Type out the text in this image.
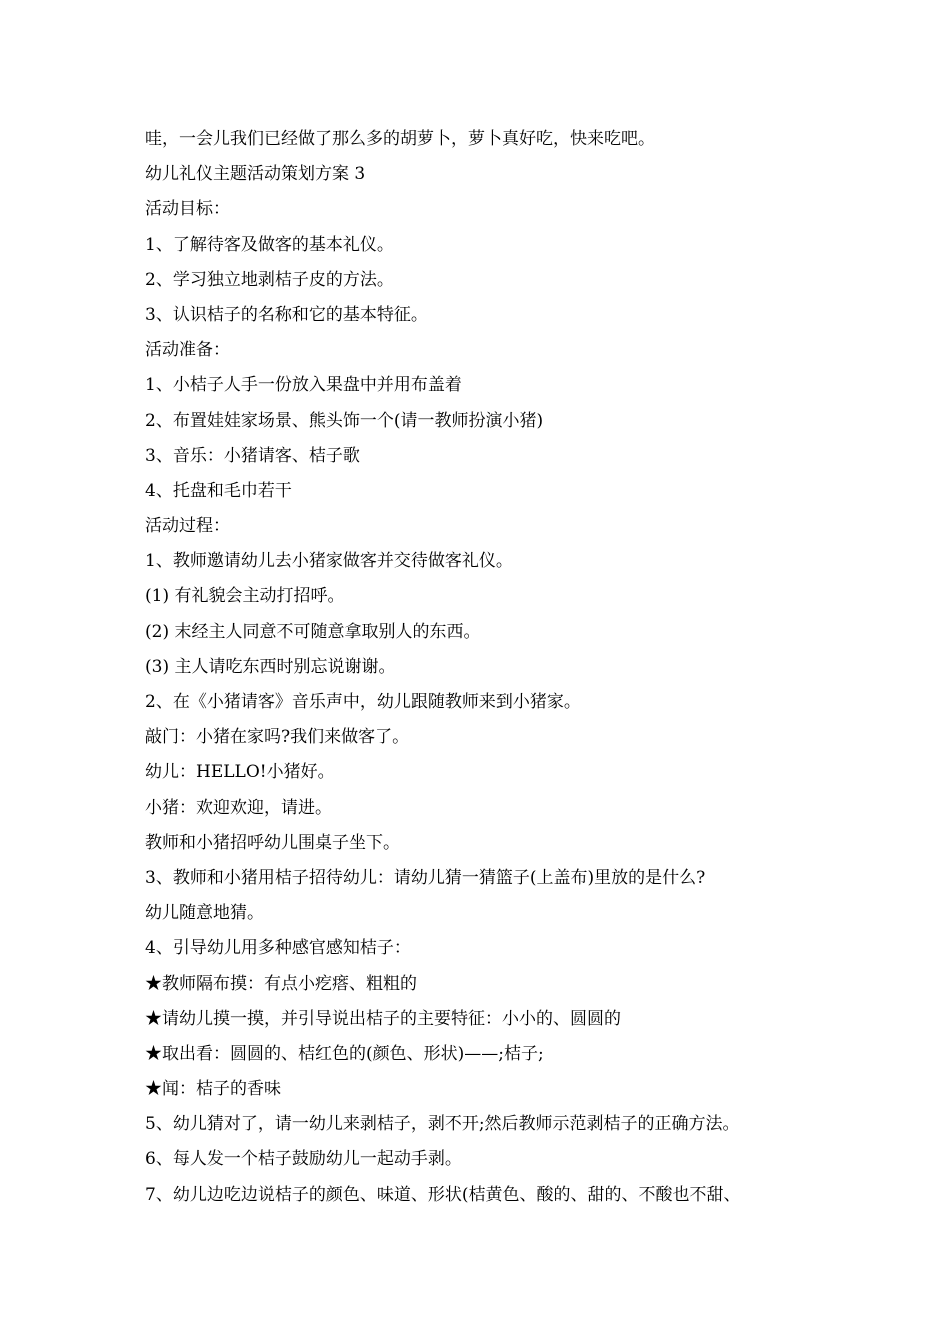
哇，一会儿我们已经做了那么多的胡萝卜，萝卜真好吃，快来吃吧。
幼儿礼仪主题活动策划方案 3
活动目标：
1、了解待客及做客的基本礼仪。
2、学习独立地剥桔子皮的方法。
3、认识桔子的名称和它的基本特征。
活动准备：
1、小桔子人手一份放入果盘中并用布盖着
2、布置娃娃家场景、熊头饰一个(请一教师扮演小猪)
3、音乐：小猪请客、桔子歌
4、托盘和毛巾若干
活动过程：
1、教师邀请幼儿去小猪家做客并交待做客礼仪。
(1) 有礼貌会主动打招呼。
(2) 末经主人同意不可随意拿取别人的东西。
(3) 主人请吃东西时别忘说谢谢。
2、在《小猪请客》音乐声中，幼儿跟随教师来到小猪家。
敲门：小猪在家吗?我们来做客了。
幼儿：HELLO!小猪好。
小猪：欢迎欢迎，请进。
教师和小猪招呼幼儿围桌子坐下。
3、教师和小猪用桔子招待幼儿：请幼儿猜一猜篮子(上盖布)里放的是什么?
幼儿随意地猜。
4、引导幼儿用多种感官感知桔子：
★教师隔布摸：有点小疙瘩、粗粗的
★请幼儿摸一摸，并引导说出桔子的主要特征：小小的、圆圆的
★取出看：圆圆的、桔红色的(颜色、形状)——;桔子;
★闻：桔子的香味
5、幼儿猜对了，请一幼儿来剥桔子，剥不开;然后教师示范剥桔子的正确方法。
6、每人发一个桔子鼓励幼儿一起动手剥。
7、幼儿边吃边说桔子的颜色、味道、形状(桔黄色、酸的、甜的、不酸也不甜、
